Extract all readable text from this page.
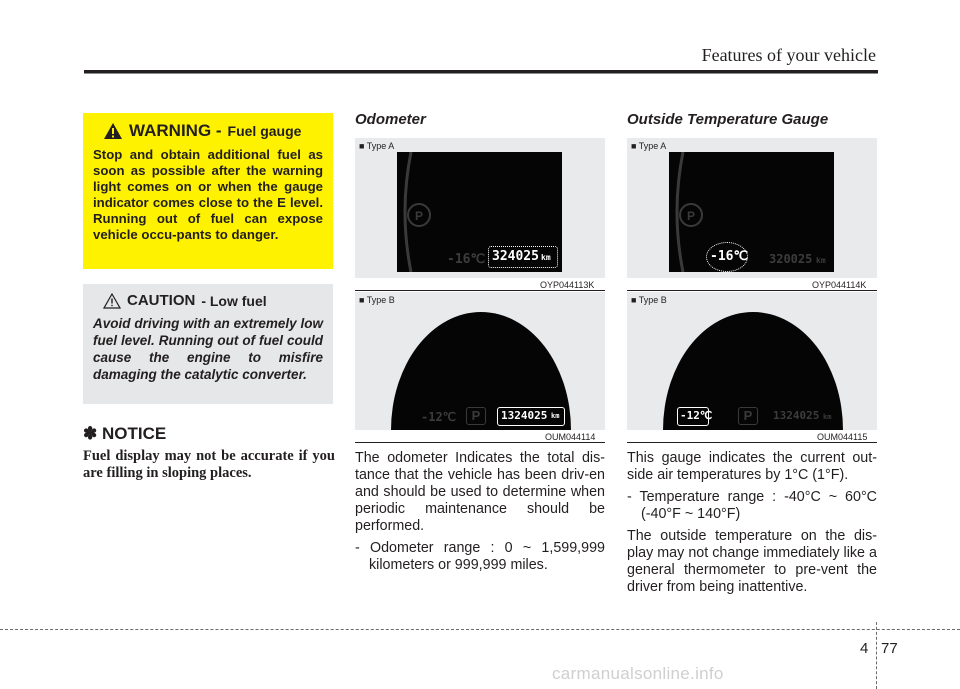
Features of your vehicle
WARNING - Fuel gauge
Stop and obtain additional fuel as soon as possible after the warning light comes on or when the gauge indicator comes close to the E level. Running out of fuel can expose vehicle occu-pants to danger.
CAUTION - Low fuel
Avoid driving with an extremely low fuel level. Running out of fuel could cause the engine to misfire damaging the catalytic converter.
✽ NOTICE
Fuel display may not be accurate if you are filling in sloping places.
Odometer
■ Type A
P
-16℃ 324025 km
OYP044113K
■ Type B
-12℃	P	1324025 km
OUM044114

The odometer Indicates the total dis-tance that the vehicle has been driv-en and should be used to determine when periodic maintenance should be performed.

- Odometer range : 0 ~ 1,599,999 kilometers or 999,999 miles.

Outside Temperature Gauge
■ Type A
P
-16℃ 320025 km
OYP044114K
■ Type B
-12℃	P	1324025 km
OUM044115

This gauge indicates the current out-side air temperatures by 1°C (1°F).

- Temperature range : -40°C ~ 60°C (-40°F ~ 140°F)

The outside temperature on the dis-play may not change immediately like a general thermometer to pre-vent the driver from being inattentive.

4 77
carmanualsonline.info
